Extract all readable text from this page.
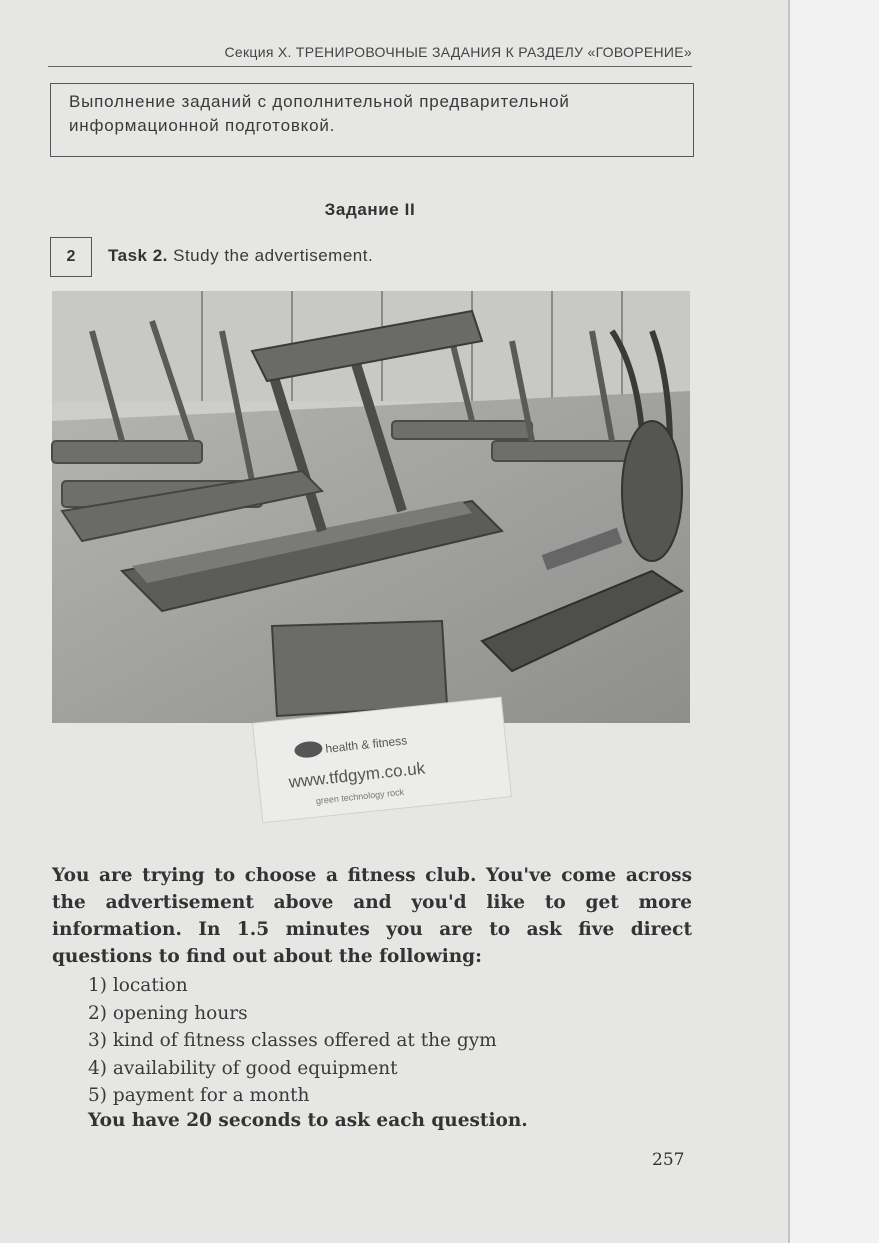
Секция X. ТРЕНИРОВОЧНЫЕ ЗАДАНИЯ К РАЗДЕЛУ «ГОВОРЕНИЕ»
Выполнение заданий с дополнительной предварительной
информационной подготовкой.
Задание II
2	Task 2. Study the advertisement.
health & fitness
www.tfdgym.co.uk
green technology rock
You are trying to choose a fitness club. You've come across the advertisement above and you'd like to get more information. In 1.5 minutes you are to ask five direct questions to find out about the following:
1) location
2) opening hours
3) kind of fitness classes offered at the gym
4) availability of good equipment
5) payment for a month
You have 20 seconds to ask each question.
257
